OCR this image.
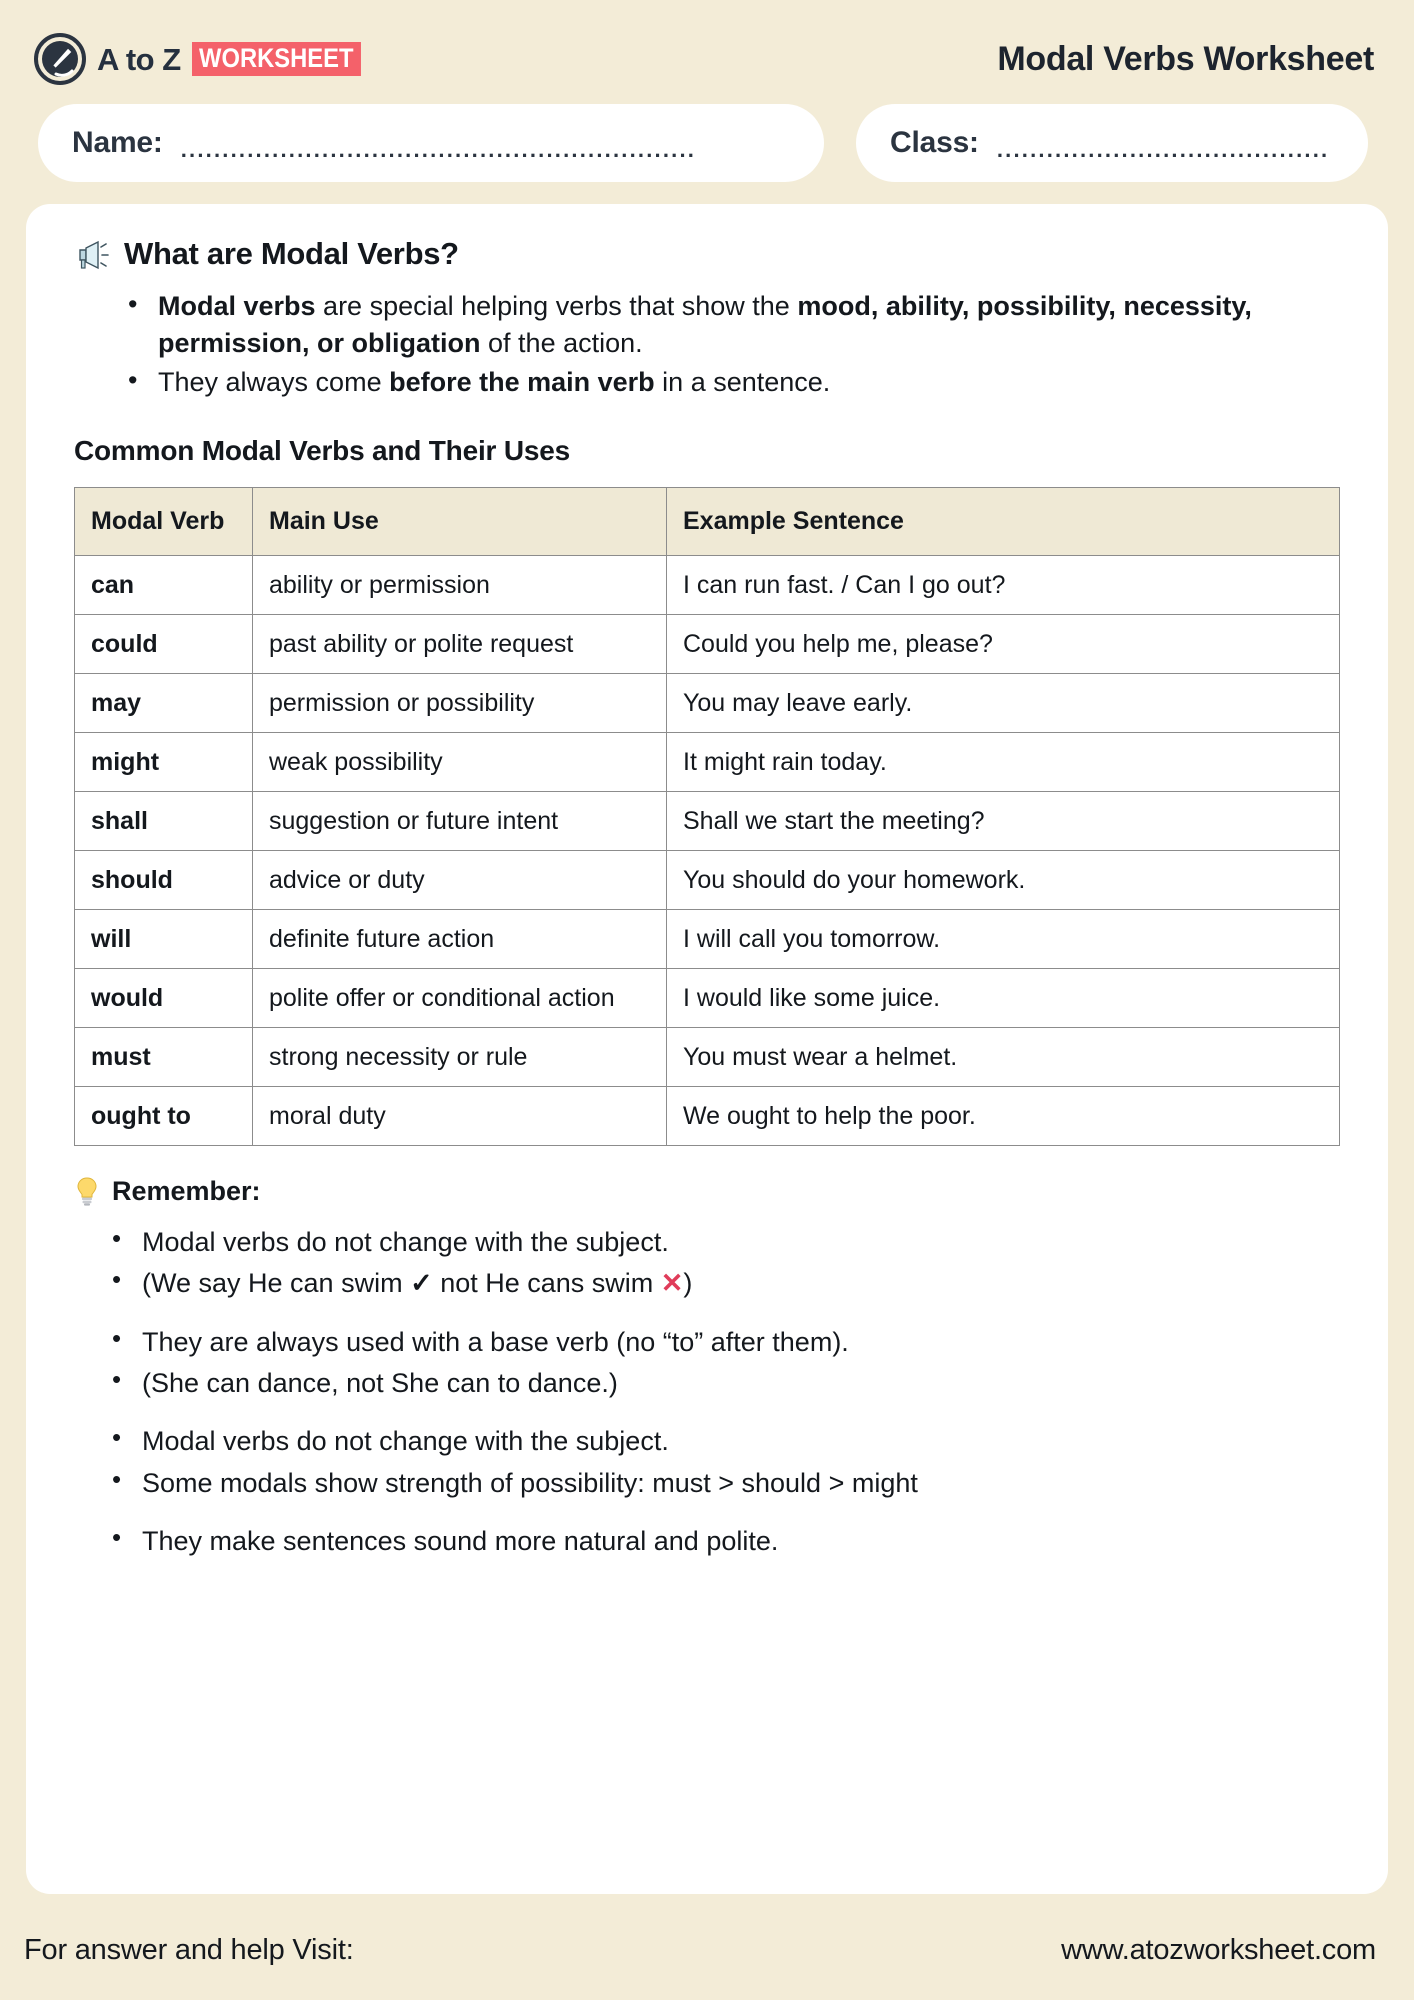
A to Z WORKSHEET	Modal Verbs Worksheet
Name: ..............................................................	Class: ........................................
What are Modal Verbs?
• Modal verbs are special helping verbs that show the mood, ability, possibility, necessity, permission, or obligation of the action.
• They always come before the main verb in a sentence.
Common Modal Verbs and Their Uses
Modal Verb	Main Use	Example Sentence
can	ability or permission	I can run fast. / Can I go out?
could	past ability or polite request	Could you help me, please?
may	permission or possibility	You may leave early.
might	weak possibility	It might rain today.
shall	suggestion or future intent	Shall we start the meeting?
should	advice or duty	You should do your homework.
will	definite future action	I will call you tomorrow.
would	polite offer or conditional action	I would like some juice.
must	strong necessity or rule	You must wear a helmet.
ought to	moral duty	We ought to help the poor.
Remember:
• Modal verbs do not change with the subject.
• (We say He can swim ✓ not He cans swim ✕)
• They are always used with a base verb (no “to” after them).
• (She can dance, not She can to dance.)
• Modal verbs do not change with the subject.
• Some modals show strength of possibility: must > should > might
• They make sentences sound more natural and polite.
For answer and help Visit:	www.atozworksheet.com
